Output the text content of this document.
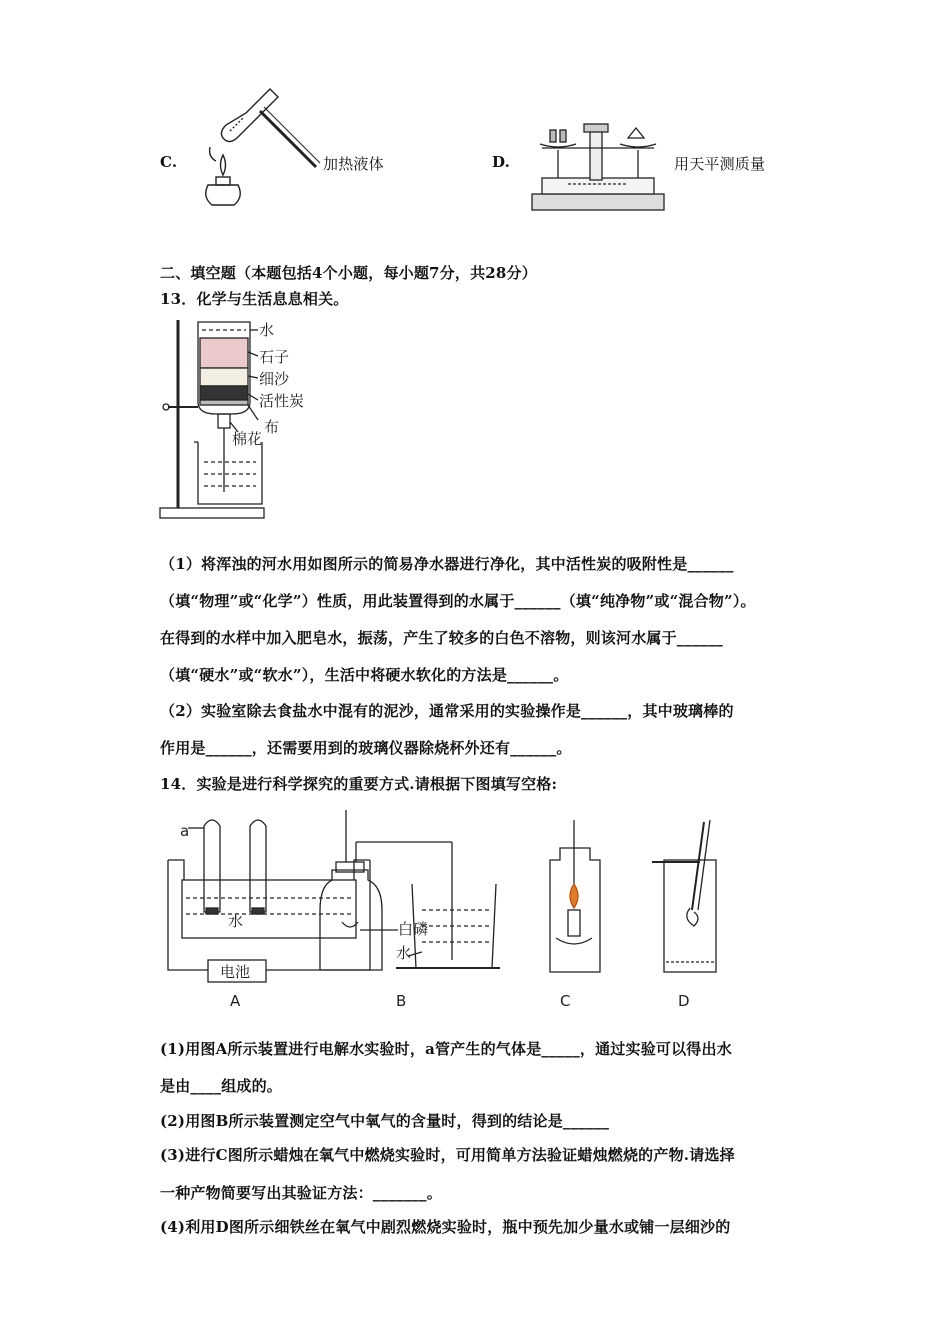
C.	加热液体	D.	用天平测质量
二、填空题（本题包括4个小题，每小题7分，共28分）
13．化学与生活息息相关。
水
石子
细沙
活性炭
布
棉花
（1）将浑浊的河水用如图所示的简易净水器进行净化，其中活性炭的吸附性是______
（填“物理”或“化学”）性质，用此装置得到的水属于______（填“纯净物”或“混合物”）。
在得到的水样中加入肥皂水，振荡，产生了较多的白色不溶物，则该河水属于______
（填“硬水”或“软水”），生活中将硬水软化的方法是______。
（2）实验室除去食盐水中混有的泥沙，通常采用的实验操作是______，其中玻璃棒的
作用是______，还需要用到的玻璃仪器除烧杯外还有______。
14．实验是进行科学探究的重要方式.请根据下图填写空格:
a
水
电池
白磷
水
A	B	C	D
(1)用图A所示装置进行电解水实验时，a管产生的气体是_____，通过实验可以得出水
是由____组成的。
(2)用图B所示装置测定空气中氧气的含量时，得到的结论是______
(3)进行C图所示蜡烛在氧气中燃烧实验时，可用简单方法验证蜡烛燃烧的产物.请选择
一种产物简要写出其验证方法：_______。
(4)利用D图所示细铁丝在氧气中剧烈燃烧实验时，瓶中预先加少量水或铺一层细沙的
